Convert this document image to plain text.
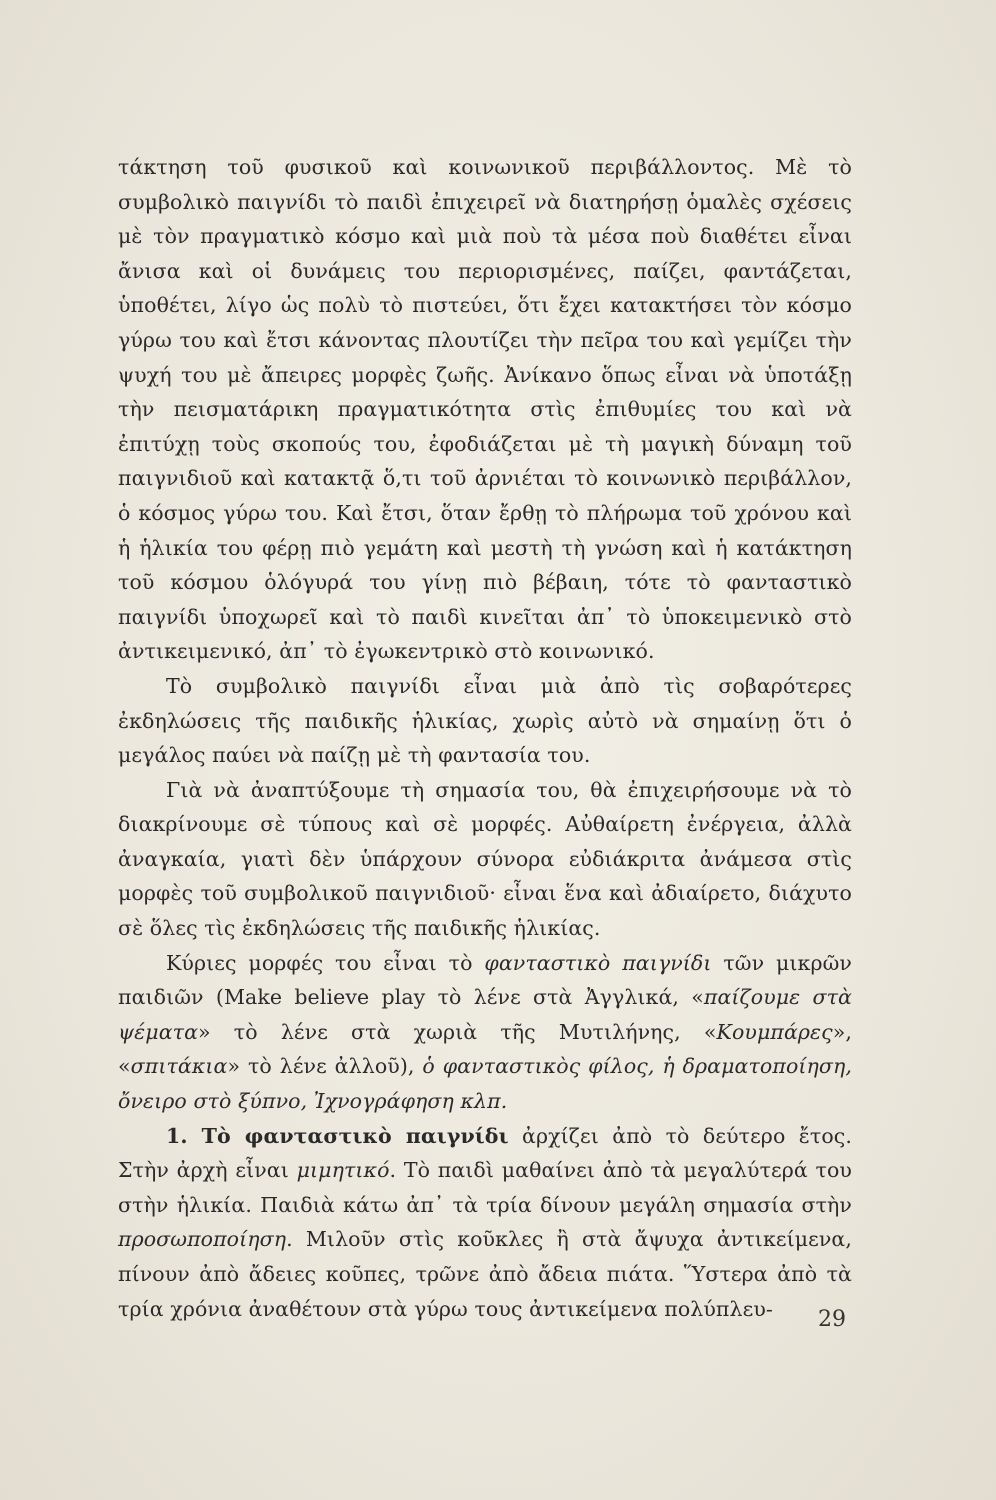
τάκτηση τοῦ φυσικοῦ καὶ κοινωνικοῦ περιβάλλοντος. Μὲ τὸ συμβολικὸ παιγνίδι τὸ παιδὶ ἐπιχειρεῖ νὰ διατηρήσῃ ὁμαλὲς σχέσεις μὲ τὸν πραγματικὸ κόσμο καὶ μιὰ ποὺ τὰ μέσα ποὺ διαθέτει εἶναι ἄνισα καὶ οἱ δυνάμεις του περιορισμένες, παίζει, φαντάζεται, ὑποθέτει, λίγο ὡς πολὺ τὸ πιστεύει, ὅτι ἔχει κατακτήσει τὸν κόσμο γύρω του καὶ ἔτσι κάνοντας πλουτίζει τὴν πεῖρα του καὶ γεμίζει τὴν ψυχή του μὲ ἄπειρες μορφὲς ζωῆς. Ἀνίκανο ὅπως εἶναι νὰ ὑποτάξῃ τὴν πεισματάρικη πραγματικότητα στὶς ἐπιθυμίες του καὶ νὰ ἐπιτύχῃ τοὺς σκοπούς του, ἐφοδιάζεται μὲ τὴ μαγικὴ δύναμη τοῦ παιγνιδιοῦ καὶ κατακτᾷ ὅ,τι τοῦ ἀρνιέται τὸ κοινωνικὸ περιβάλλον, ὁ κόσμος γύρω του. Καὶ ἔτσι, ὅταν ἔρθῃ τὸ πλήρωμα τοῦ χρόνου καὶ ἡ ἡλικία του φέρῃ πιὸ γεμάτη καὶ μεστὴ τὴ γνώση καὶ ἡ κατάκτηση τοῦ κόσμου ὁλόγυρά του γίνῃ πιὸ βέβαιη, τότε τὸ φανταστικὸ παιγνίδι ὑποχωρεῖ καὶ τὸ παιδὶ κινεῖται ἀπ᾽ τὸ ὑποκειμενικὸ στὸ ἀντικειμενικό, ἀπ᾽ τὸ ἐγωκεντρικὸ στὸ κοινωνικό.

Τὸ συμβολικὸ παιγνίδι εἶναι μιὰ ἀπὸ τὶς σοβαρότερες ἐκδηλώσεις τῆς παιδικῆς ἡλικίας, χωρὶς αὐτὸ νὰ σημαίνῃ ὅτι ὁ μεγάλος παύει νὰ παίζῃ μὲ τὴ φαντασία του.

Γιὰ νὰ ἀναπτύξουμε τὴ σημασία του, θὰ ἐπιχειρήσουμε νὰ τὸ διακρίνουμε σὲ τύπους καὶ σὲ μορφές. Αὐθαίρετη ἐνέργεια, ἀλλὰ ἀναγκαία, γιατὶ δὲν ὑπάρχουν σύνορα εὐδιάκριτα ἀνάμεσα στὶς μορφὲς τοῦ συμβολικοῦ παιγνιδιοῦ· εἶναι ἕνα καὶ ἀδιαίρετο, διάχυτο σὲ ὅλες τὶς ἐκδηλώσεις τῆς παιδικῆς ἡλικίας.

Κύριες μορφές του εἶναι τὸ φανταστικὸ παιγνίδι τῶν μικρῶν παιδιῶν (Make believe play τὸ λένε στὰ Ἀγγλικά, «παίζουμε στὰ ψέματα» τὸ λένε στὰ χωριὰ τῆς Μυτιλήνης, «Κουμπάρες», «σπιτάκια» τὸ λένε ἀλλοῦ), ὁ φανταστικὸς φίλος, ἡ δραματοποίηση, ὄνειρο στὸ ξύπνο, Ἰχνογράφηση κλπ.

1. Τὸ φανταστικὸ παιγνίδι ἀρχίζει ἀπὸ τὸ δεύτερο ἔτος. Στὴν ἀρχὴ εἶναι μιμητικό. Τὸ παιδὶ μαθαίνει ἀπὸ τὰ μεγαλύτερά του στὴν ἡλικία. Παιδιὰ κάτω ἀπ᾽ τὰ τρία δίνουν μεγάλη σημασία στὴν προσωποποίηση. Μιλοῦν στὶς κοῦκλες ἢ στὰ ἄψυχα ἀντικείμενα, πίνουν ἀπὸ ἄδειες κοῦπες, τρῶνε ἀπὸ ἄδεια πιάτα. Ὕστερα ἀπὸ τὰ τρία χρόνια ἀναθέτουν στὰ γύρω τους ἀντικείμενα πολύπλευ-	29
